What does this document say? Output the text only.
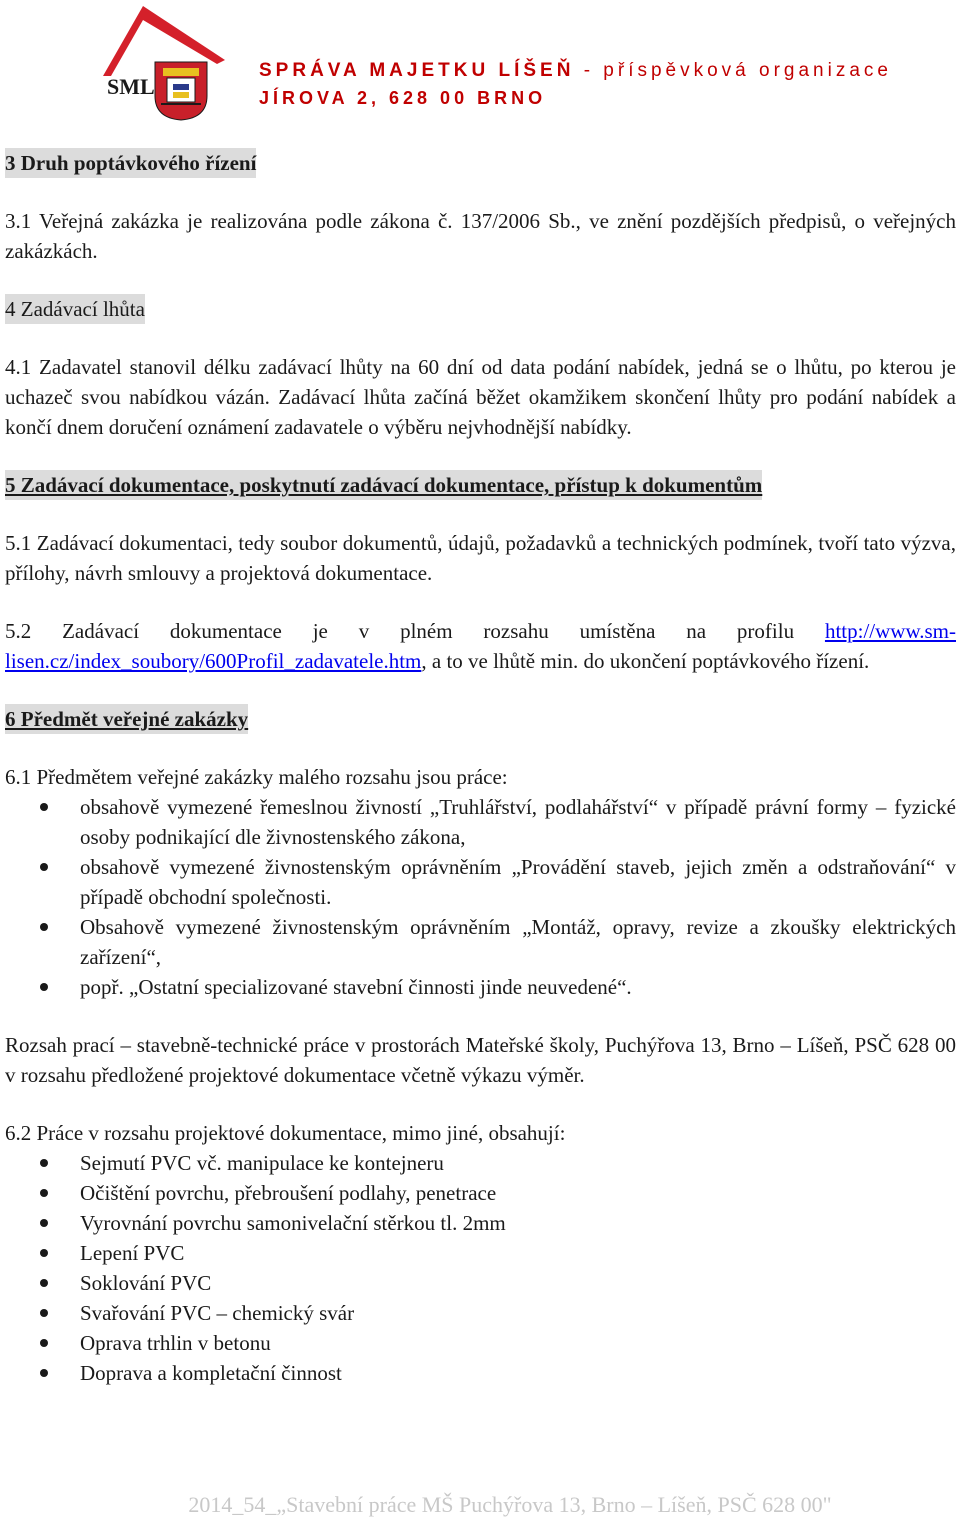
SML
SPRÁVA MAJETKU LÍŠEŇ - příspěvková organizace
JÍROVA 2, 628 00 BRNO
3 Druh poptávkového řízení

3.1 Veřejná zakázka je realizována podle zákona č. 137/2006 Sb., ve znění pozdějších předpisů, o veřejných zakázkách.

4 Zadávací lhůta

4.1 Zadavatel stanovil délku zadávací lhůty na 60 dní od data podání nabídek, jedná se o lhůtu, po kterou je uchazeč svou nabídkou vázán. Zadávací lhůta začíná běžet okamžikem skončení lhůty pro podání nabídek a končí dnem doručení oznámení zadavatele o výběru nejvhodnější nabídky.

5 Zadávací dokumentace, poskytnutí zadávací dokumentace, přístup k dokumentům

5.1 Zadávací dokumentaci, tedy soubor dokumentů, údajů, požadavků a technických podmínek, tvoří tato výzva, přílohy, návrh smlouvy a projektová dokumentace.

5.2 Zadávací dokumentace je v plném rozsahu umístěna na profilu http://www.sm-lisen.cz/index_soubory/600Profil_zadavatele.htm, a to ve lhůtě min. do ukončení poptávkového řízení.

6 Předmět veřejné zakázky

6.1 Předmětem veřejné zakázky malého rozsahu jsou práce:

obsahově vymezené řemeslnou živností „Truhlářství, podlahářství“ v případě právní formy – fyzické osoby podnikající dle živnostenského zákona,
obsahově vymezené živnostenským oprávněním „Provádění staveb, jejich změn a odstraňování“ v případě obchodní společnosti.
Obsahově vymezené živnostenským oprávněním „Montáž, opravy, revize a zkoušky elektrických zařízení“,
popř. „Ostatní specializované stavební činnosti jinde neuvedené“.

Rozsah prací – stavebně-technické práce v prostorách Mateřské školy, Puchýřova 13, Brno – Líšeň, PSČ 628 00 v rozsahu předložené projektové dokumentace včetně výkazu výměr.

6.2 Práce v rozsahu projektové dokumentace, mimo jiné, obsahují:

Sejmutí PVC vč. manipulace ke kontejneru
Očištění povrchu, přebroušení podlahy, penetrace
Vyrovnání povrchu samonivelační stěrkou tl. 2mm
Lepení PVC
Soklování PVC
Svařování PVC – chemický svár
Oprava trhlin v betonu
Doprava a kompletační činnost
2014_54_„Stavební práce MŠ Puchýřova 13, Brno – Líšeň, PSČ 628 00"
